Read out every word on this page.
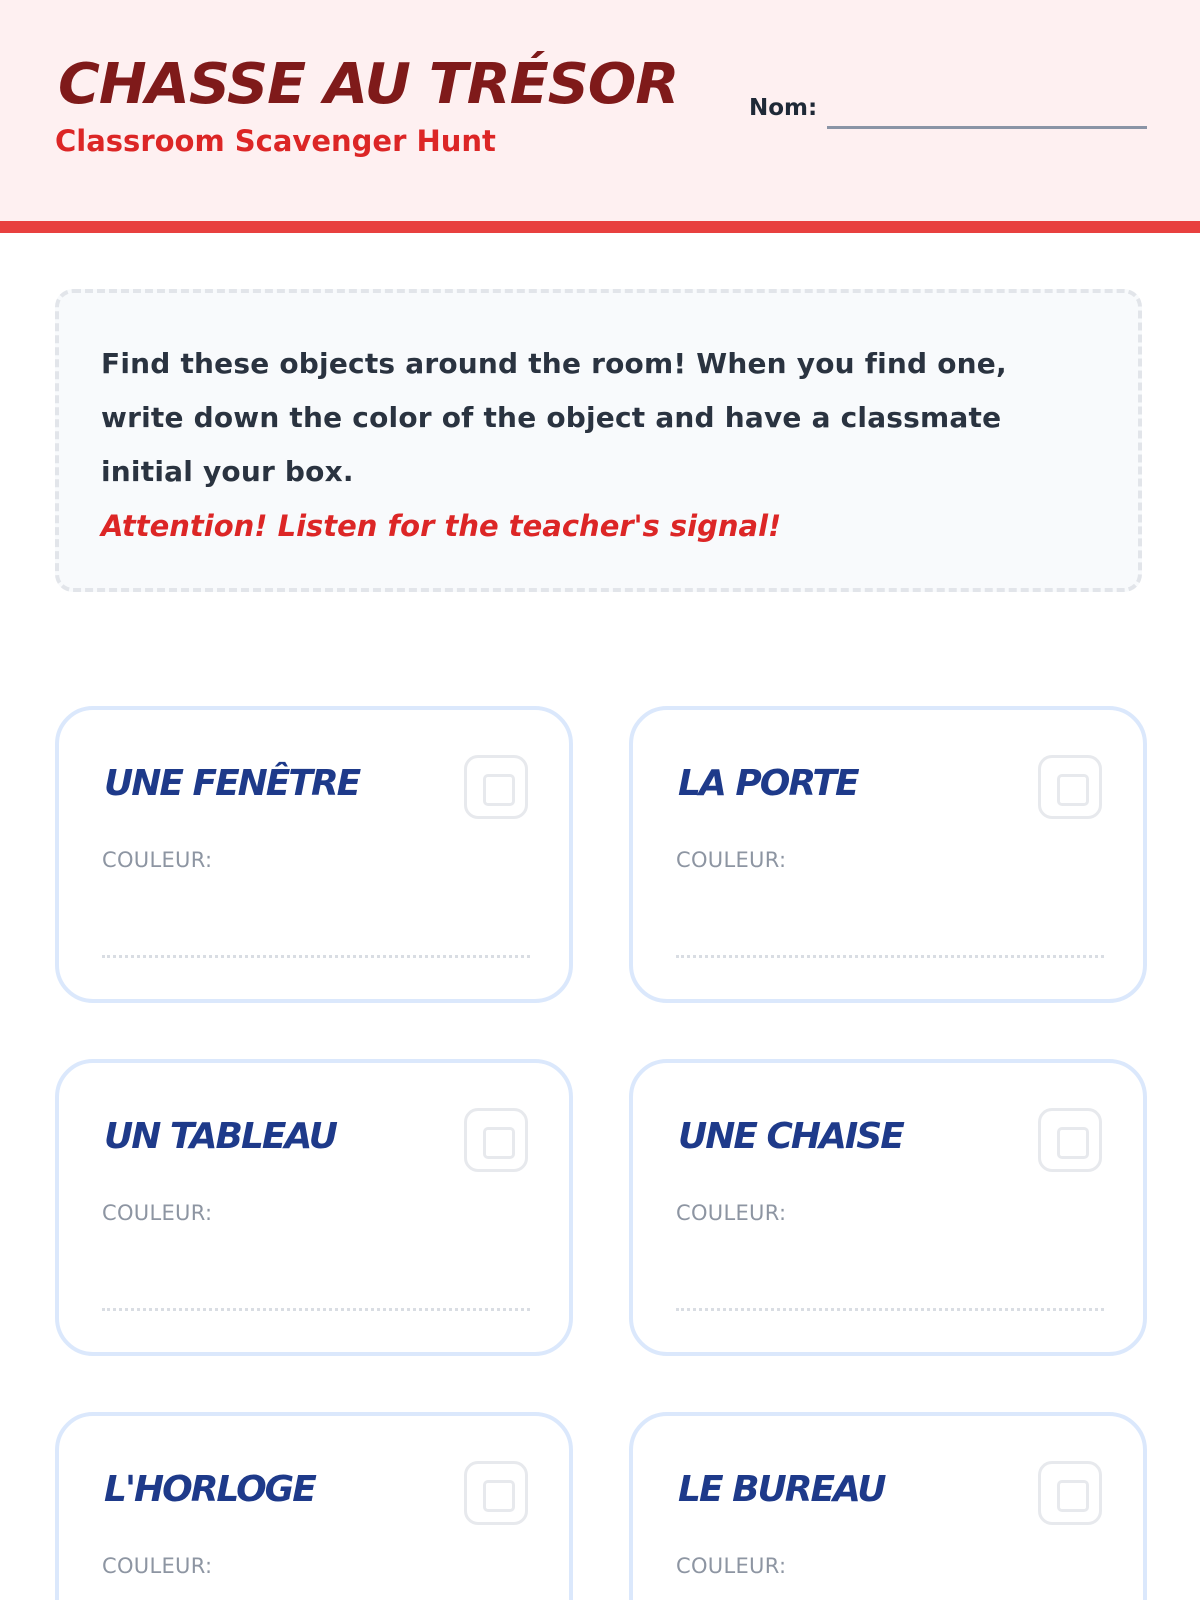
CHASSE AU TRÉSOR
Classroom Scavenger Hunt
Nom:

Find these objects around the room! When you find one, write down the color of the object and have a classmate initial your box.

Attention! Listen for the teacher's signal!

UNE FENÊTRE
COULEUR:
LA PORTE
COULEUR:
UN TABLEAU
COULEUR:
UNE CHAISE
COULEUR:
L'HORLOGE
COULEUR:
LE BUREAU
COULEUR:
